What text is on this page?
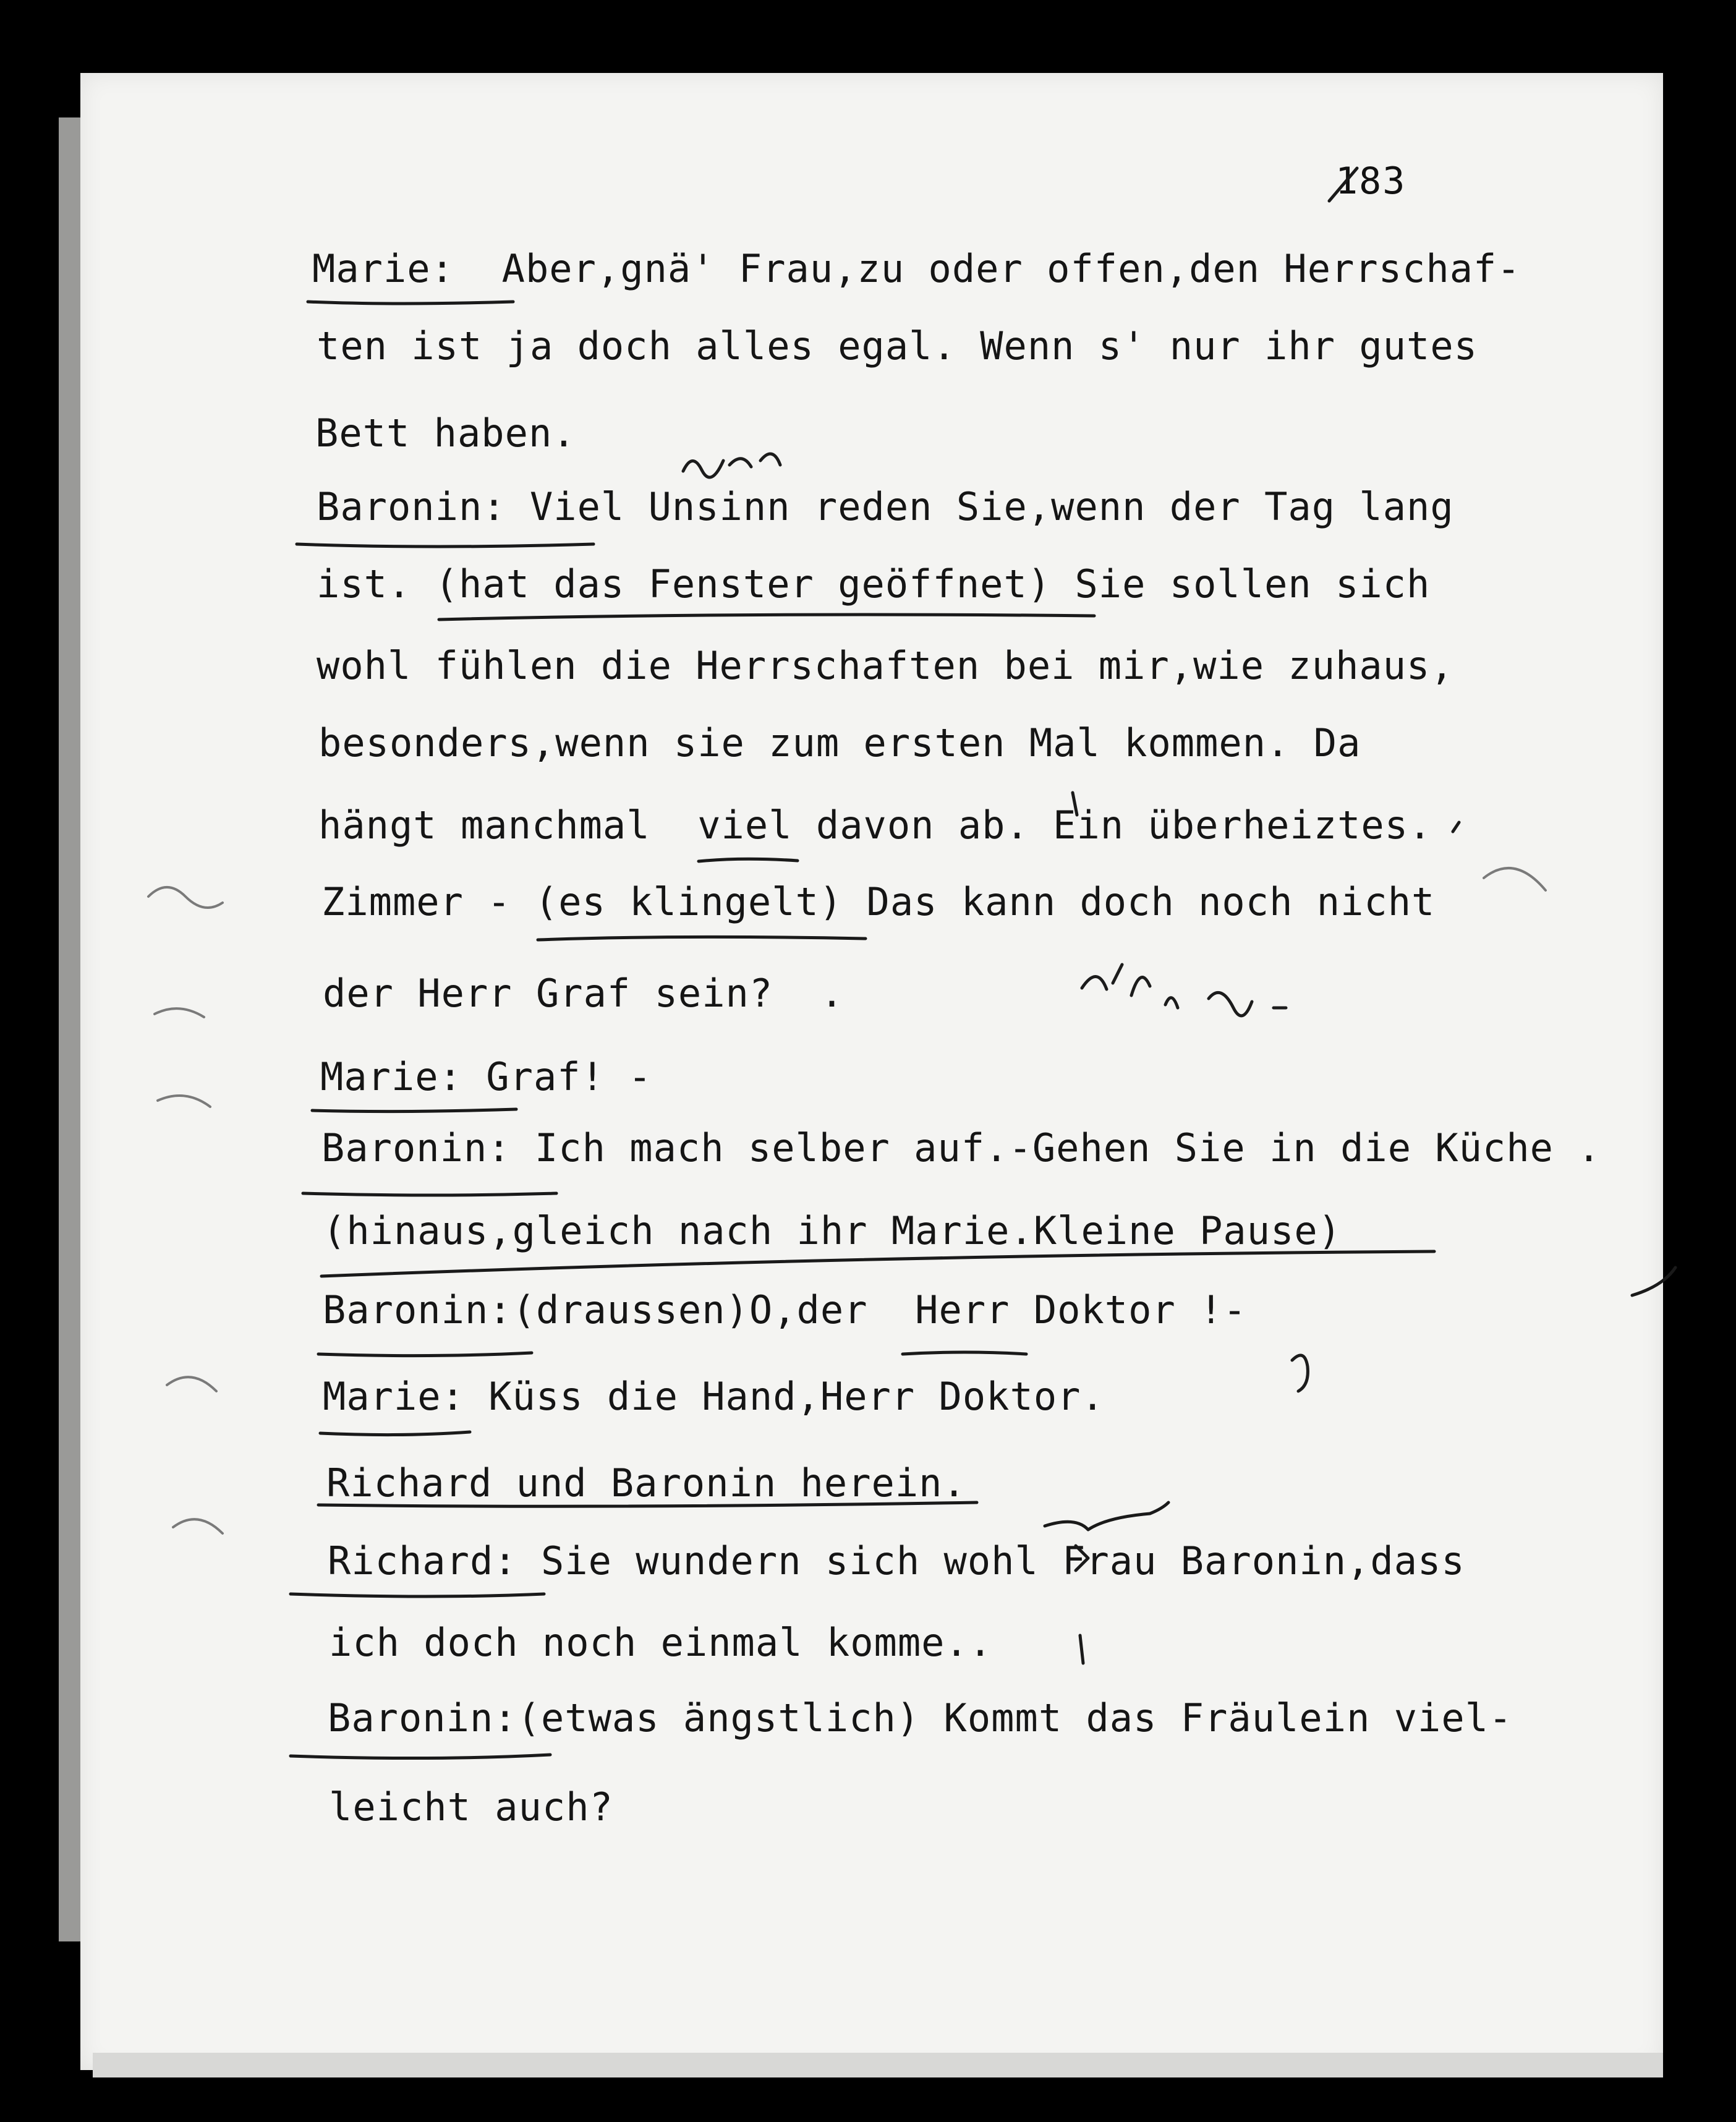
183
Marie:  Aber,gnä' Frau,zu oder offen,den Herrschaf-
ten ist ja doch alles egal. Wenn s' nur ihr gutes
Bett haben.
Baronin: Viel Unsinn reden Sie,wenn der Tag lang
ist. (hat das Fenster geöffnet) Sie sollen sich
wohl fühlen die Herrschaften bei mir,wie zuhaus,
besonders,wenn sie zum ersten Mal kommen. Da
hängt manchmal  viel davon ab. Ein überheiztes.
Zimmer - (es klingelt) Das kann doch noch nicht
der Herr Graf sein?  .
Marie: Graf! -
Baronin: Ich mach selber auf.-Gehen Sie in die Küche .
(hinaus,gleich nach ihr Marie.Kleine Pause)
Baronin:(draussen)O,der  Herr Doktor !-
Marie: Küss die Hand,Herr Doktor.
Richard und Baronin herein.
Richard: Sie wundern sich wohl Frau Baronin,dass
ich doch noch einmal komme..
Baronin:(etwas ängstlich) Kommt das Fräulein viel-
leicht auch?
